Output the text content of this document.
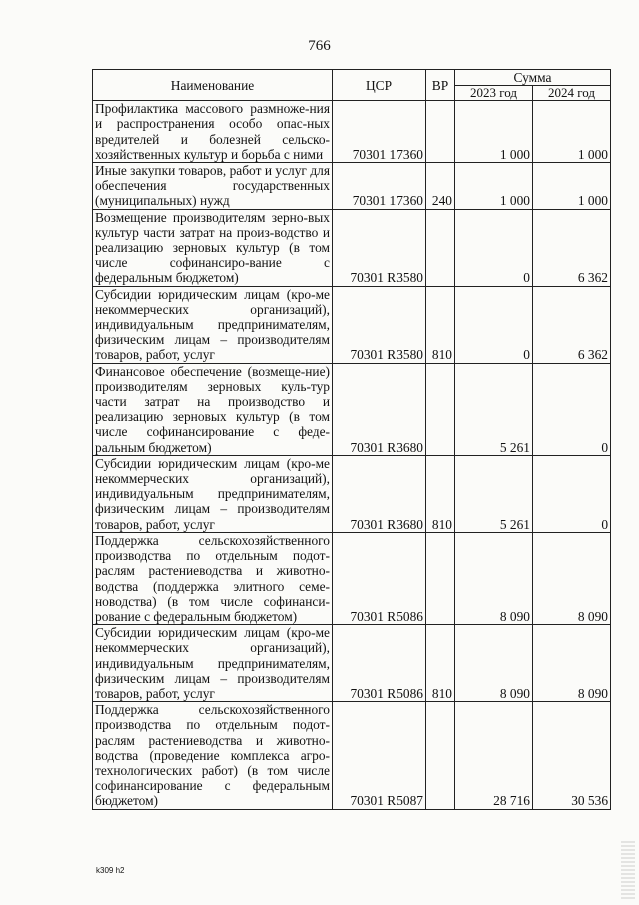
766
Наименование	ЦСР	ВР	Сумма	
			2023 год	2024 год
Профилактика массового размноже-ния и распространения особо опас-ных вредителей и болезней сельско-хозяйственных культур и борьба с ними	70301 17360		1 000	1 000
Иные закупки товаров, работ и услуг для обеспечения государственных (муниципальных) нужд	70301 17360	240	1 000	1 000
Возмещение производителям зерно-вых культур части затрат на произ-водство и реализацию зерновых культур (в том числе софинансиро-вание с федеральным бюджетом)	70301 R3580		0	6 362
Субсидии юридическим лицам (кро-ме некоммерческих организаций), индивидуальным предпринимателям, физическим лицам – производителям товаров, работ, услуг	70301 R3580	810	0	6 362
Финансовое обеспечение (возмеще-ние) производителям зерновых куль-тур части затрат на производство и реализацию зерновых культур (в том числе софинансирование с феде-ральным бюджетом)	70301 R3680		5 261	0
Субсидии юридическим лицам (кро-ме некоммерческих организаций), индивидуальным предпринимателям, физическим лицам – производителям товаров, работ, услуг	70301 R3680	810	5 261	0
Поддержка сельскохозяйственного производства по отдельным подот-раслям растениеводства и животно-водства (поддержка элитного семе-новодства) (в том числе софинанси-рование с федеральным бюджетом)	70301 R5086		8 090	8 090
Субсидии юридическим лицам (кро-ме некоммерческих организаций), индивидуальным предпринимателям, физическим лицам – производителям товаров, работ, услуг	70301 R5086	810	8 090	8 090
Поддержка сельскохозяйственного производства по отдельным подот-раслям растениеводства и животно-водства (проведение комплекса агро-технологических работ) (в том числе софинансирование с федеральным бюджетом)	70301 R5087		28 716	30 536
k309 h2
